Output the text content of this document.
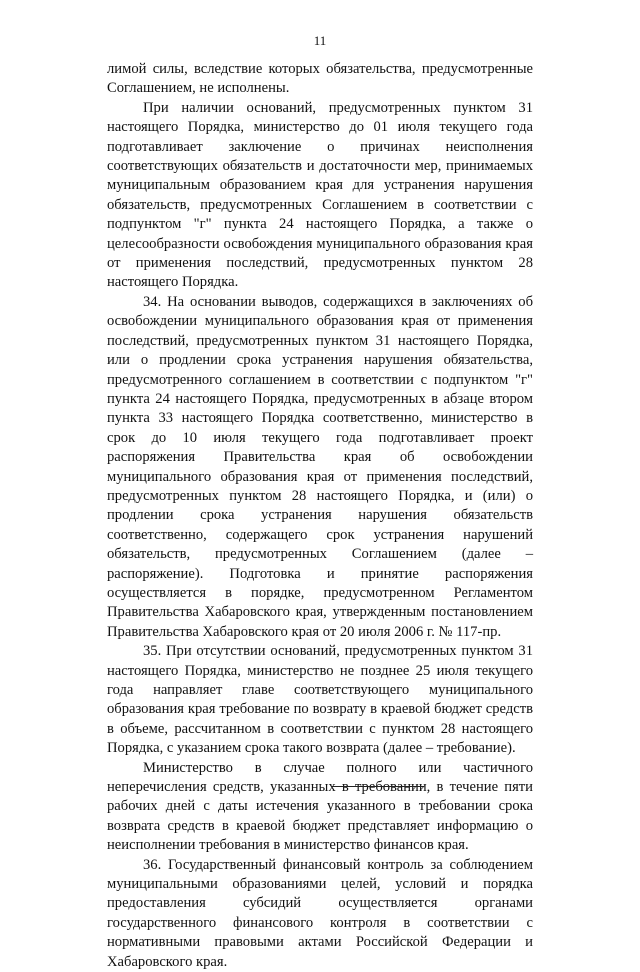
11

лимой силы, вследствие которых обязательства, предусмотренные Соглашением, не исполнены.

При наличии оснований, предусмотренных пунктом 31 настоящего Порядка, министерство до 01 июля текущего года подготавливает заключение о причинах неисполнения соответствующих обязательств и достаточности мер, принимаемых муниципальным образованием края для устранения нарушения обязательств, предусмотренных Соглашением в соответствии с подпунктом "г" пункта 24 настоящего Порядка, а также о целесообразности освобождения муниципального образования края от применения последствий, предусмотренных пунктом 28 настоящего Порядка.

34. На основании выводов, содержащихся в заключениях об освобождении муниципального образования края от применения последствий, предусмотренных пунктом 31 настоящего Порядка, или о продлении срока устранения нарушения обязательства, предусмотренного соглашением в соответствии с подпунктом "г" пункта 24 настоящего Порядка, предусмотренных в абзаце втором пункта 33 настоящего Порядка соответственно, министерство в срок до 10 июля текущего года подготавливает проект распоряжения Правительства края об освобождении муниципального образования края от применения последствий, предусмотренных пунктом 28 настоящего Порядка, и (или) о продлении срока устранения нарушения обязательств соответственно, содержащего срок устранения нарушений обязательств, предусмотренных Соглашением (далее – распоряжение). Подготовка и принятие распоряжения осуществляется в порядке, предусмотренном Регламентом Правительства Хабаровского края, утвержденным постановлением Правительства Хабаровского края от 20 июля 2006 г. № 117-пр.

35. При отсутствии оснований, предусмотренных пунктом 31 настоящего Порядка, министерство не позднее 25 июля текущего года направляет главе соответствующего муниципального образования края требование по возврату в краевой бюджет средств в объеме, рассчитанном в соответствии с пунктом 28 настоящего Порядка, с указанием срока такого возврата (далее – требование).

Министерство в случае полного или частичного неперечисления средств, указанных в требовании, в течение пяти рабочих дней с даты истечения указанного в требовании срока возврата средств в краевой бюджет представляет информацию о неисполнении требования в министерство финансов края.

36. Государственный финансовый контроль за соблюдением муниципальными образованиями целей, условий и порядка предоставления субсидий осуществляется органами государственного финансового контроля в соответствии с нормативными правовыми актами Российской Федерации и Хабаровского края.
